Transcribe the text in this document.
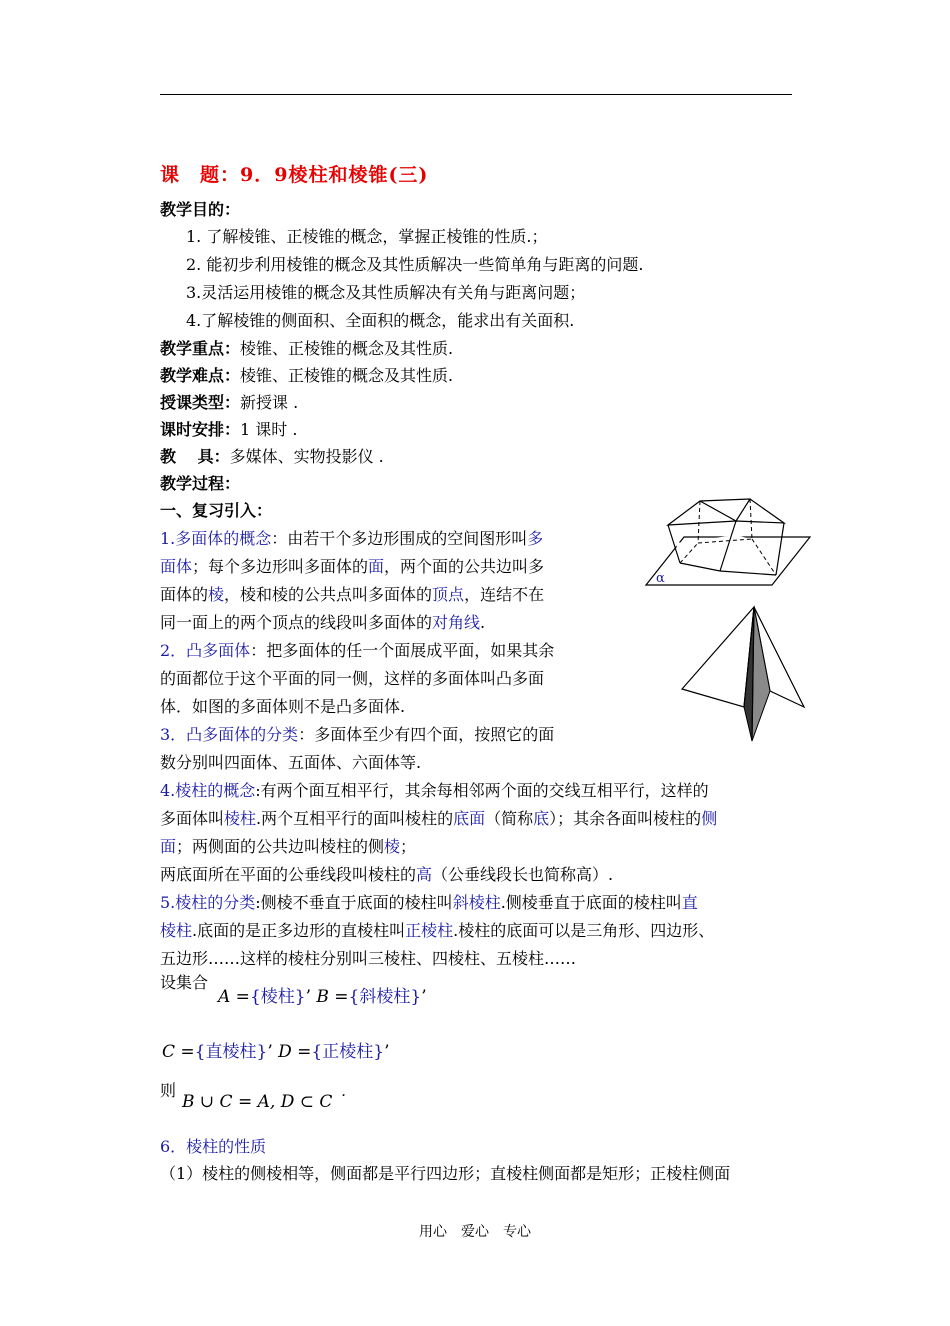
课　题：9．9棱柱和棱锥(三)
教学目的：
1. 了解棱锥、正棱锥的概念，掌握正棱锥的性质.；
2. 能初步利用棱锥的概念及其性质解决一些简单角与距离的问题.
3.灵活运用棱锥的概念及其性质解决有关角与距离问题；
4.了解棱锥的侧面积、全面积的概念，能求出有关面积.
教学重点：棱锥、正棱锥的概念及其性质.
教学难点：棱锥、正棱锥的概念及其性质.
授课类型：新授课 .
课时安排：1 课时 .
教　 具：多媒体、实物投影仪 .
教学过程：
一、复习引入：
1.多面体的概念：由若干个多边形围成的空间图形叫多
面体；每个多边形叫多面体的面，两个面的公共边叫多
面体的棱，棱和棱的公共点叫多面体的顶点，连结不在
同一面上的两个顶点的线段叫多面体的对角线.
2．凸多面体：把多面体的任一个面展成平面，如果其余
的面都位于这个平面的同一侧，这样的多面体叫凸多面
体．如图的多面体则不是凸多面体.
3．凸多面体的分类：多面体至少有四个面，按照它的面
数分别叫四面体、五面体、六面体等.
4.棱柱的概念:有两个面互相平行，其余每相邻两个面的交线互相平行，这样的
多面体叫棱柱.两个互相平行的面叫棱柱的底面（简称底）；其余各面叫棱柱的侧
面；两侧面的公共边叫棱柱的侧棱；
两底面所在平面的公垂线段叫棱柱的高（公垂线段长也简称高）.
5.棱柱的分类:侧棱不垂直于底面的棱柱叫斜棱柱.侧棱垂直于底面的棱柱叫直
棱柱.底面的是正多边形的直棱柱叫正棱柱.棱柱的底面可以是三角形、四边形、
五边形……这样的棱柱分别叫三棱柱、四棱柱、五棱柱……
设集合
A ={棱柱}’ B ={斜棱柱}’
C ={直棱柱}’ D ={正棱柱}’
则
B ∪ C = A, D ⊂ C ˙
6．棱柱的性质
（1）棱柱的侧棱相等，侧面都是平行四边形；直棱柱侧面都是矩形；正棱柱侧面
α
用心　爱心　专心
